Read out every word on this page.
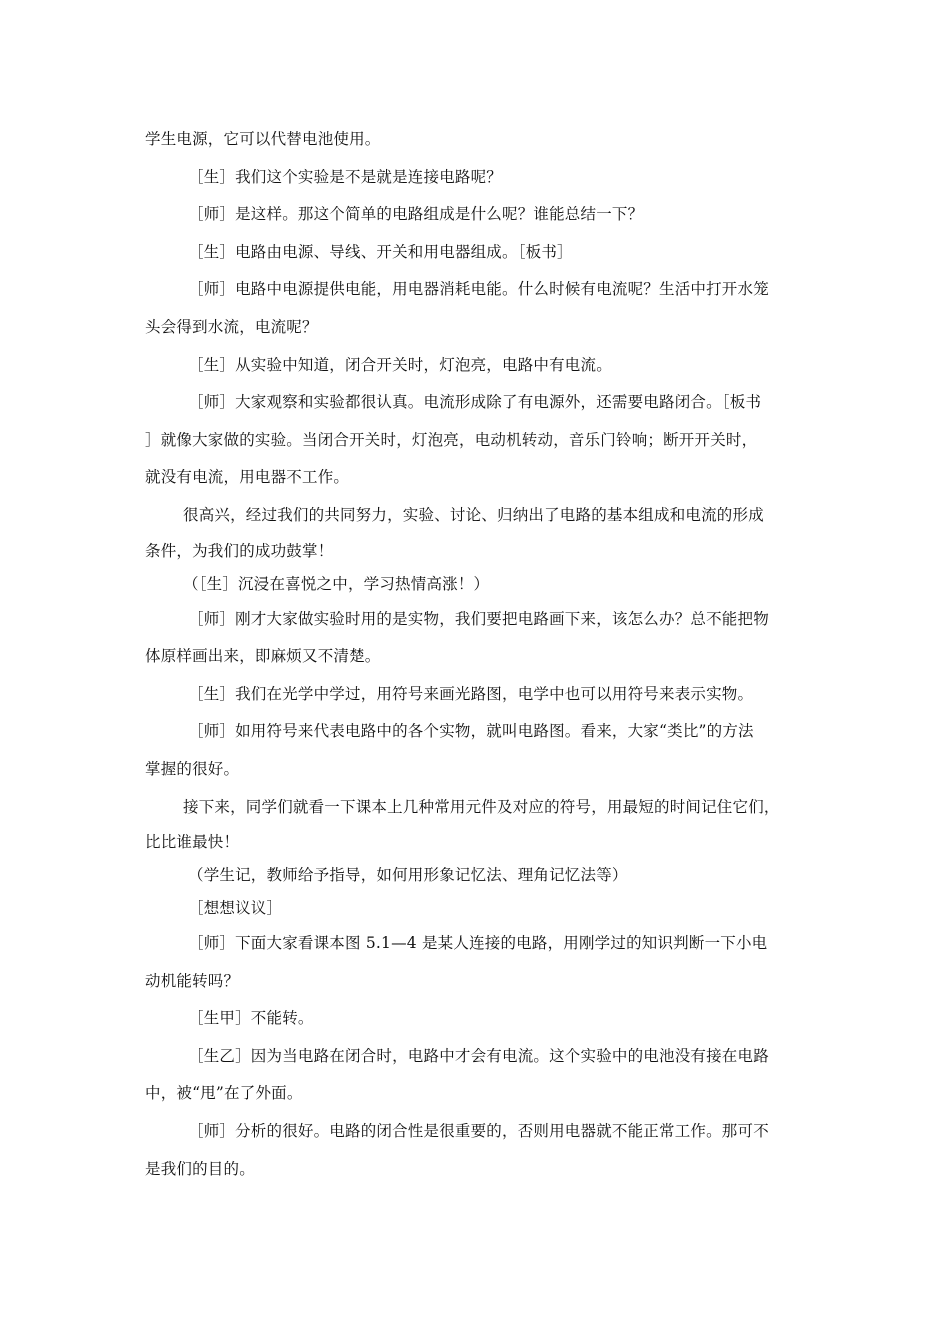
学生电源，它可以代替电池使用。
［生］我们这个实验是不是就是连接电路呢？
［师］是这样。那这个简单的电路组成是什么呢？谁能总结一下？
［生］电路由电源、导线、开关和用电器组成。［板书］
［师］电路中电源提供电能，用电器消耗电能。什么时候有电流呢？生活中打开水笼
头会得到水流，电流呢？
［生］从实验中知道，闭合开关时，灯泡亮，电路中有电流。
［师］大家观察和实验都很认真。电流形成除了有电源外，还需要电路闭合。［板书
］就像大家做的实验。当闭合开关时，灯泡亮，电动机转动，音乐门铃响；断开开关时，
就没有电流，用电器不工作。
很高兴，经过我们的共同努力，实验、讨论、归纳出了电路的基本组成和电流的形成
条件，为我们的成功鼓掌！
（［生］沉浸在喜悦之中，学习热情高涨！）
［师］刚才大家做实验时用的是实物，我们要把电路画下来，该怎么办？总不能把物
体原样画出来，即麻烦又不清楚。
［生］我们在光学中学过，用符号来画光路图，电学中也可以用符号来表示实物。
［师］如用符号来代表电路中的各个实物，就叫电路图。看来，大家“类比”的方法
掌握的很好。
接下来，同学们就看一下课本上几种常用元件及对应的符号，用最短的时间记住它们，
比比谁最快！
（学生记，教师给予指导，如何用形象记忆法、理角记忆法等）
［想想议议］
［师］下面大家看课本图 5.1—4 是某人连接的电路，用刚学过的知识判断一下小电
动机能转吗？
［生甲］不能转。
［生乙］因为当电路在闭合时，电路中才会有电流。这个实验中的电池没有接在电路
中，被“甩”在了外面。
［师］分析的很好。电路的闭合性是很重要的，否则用电器就不能正常工作。那可不
是我们的目的。
